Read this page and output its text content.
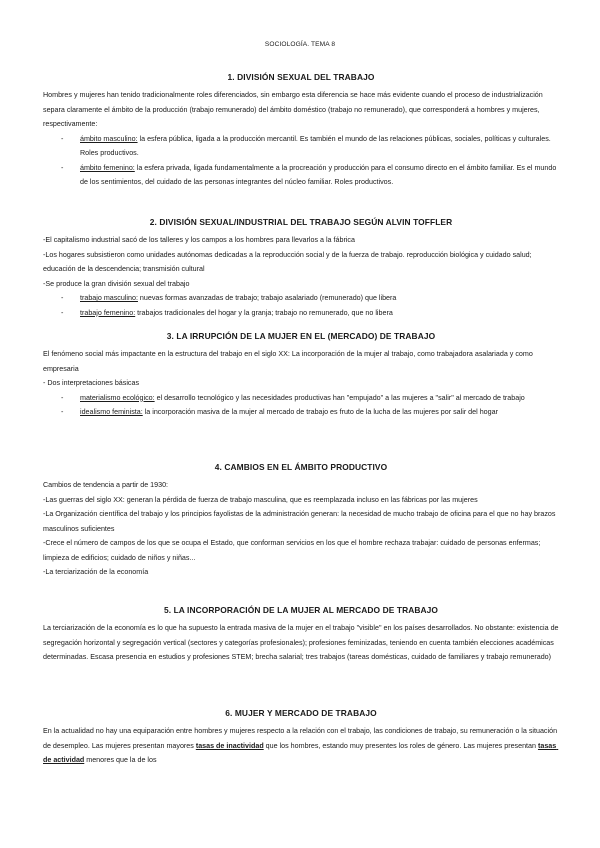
SOCIOLOGÍA. TEMA 8
1. DIVISIÓN SEXUAL DEL TRABAJO

Hombres y mujeres han tenido tradicionalmente roles diferenciados, sin embargo esta diferencia se hace más evidente cuando el proceso de industrialización separa claramente el ámbito de la producción (trabajo remunerado) del ámbito doméstico (trabajo no remunerado), que corresponderá a hombres y mujeres, respectivamente:

- ámbito masculino: la esfera pública, ligada a la producción mercantil. Es también el mundo de las relaciones públicas, sociales, políticas y culturales. Roles productivos.
- ámbito femenino: la esfera privada, ligada fundamentalmente a la procreación y producción para el consumo directo en el ámbito familiar. Es el mundo de los sentimientos, del cuidado de las personas integrantes del núcleo familiar. Roles productivos.
2. DIVISIÓN SEXUAL/INDUSTRIAL DEL TRABAJO SEGÚN ALVIN TOFFLER

-El capitalismo industrial sacó de los talleres y los campos a los hombres para llevarlos a la fábrica

-Los hogares subsistieron como unidades autónomas dedicadas a la reproducción social y de la fuerza de trabajo. reproducción biológica y cuidado salud; educación de la descendencia; transmisión cultural

-Se produce la gran división sexual del trabajo

- trabajo masculino: nuevas formas avanzadas de trabajo; trabajo asalariado (remunerado) que libera
- trabajo femenino: trabajos tradicionales del hogar y la granja; trabajo no remunerado, que no libera
3. LA IRRUPCIÓN DE LA MUJER EN EL (MERCADO) DE TRABAJO

El fenómeno social más impactante en la estructura del trabajo en el siglo XX: La incorporación de la mujer al trabajo, como trabajadora asalariada y como empresaria

- Dos interpretaciones básicas

- materialismo ecológico: el desarrollo tecnológico y las necesidades productivas han "empujado" a las mujeres a "salir" al mercado de trabajo
- idealismo feminista: la incorporación masiva de la mujer al mercado de trabajo es fruto de la lucha de las mujeres por salir del hogar
4. CAMBIOS EN EL ÁMBITO PRODUCTIVO

Cambios de tendencia a partir de 1930:

-Las guerras del siglo XX: generan la pérdida de fuerza de trabajo masculina, que es reemplazada incluso en las fábricas por las mujeres

-La Organización científica del trabajo y los principios fayolistas de la administración generan: la necesidad de mucho trabajo de oficina para el que no hay brazos masculinos suficientes

-Crece el número de campos de los que se ocupa el Estado, que conforman servicios en los que el hombre rechaza trabajar: cuidado de personas enfermas; limpieza de edificios; cuidado de niños y niñas...

-La terciarización de la economía

5. LA INCORPORACIÓN DE LA MUJER AL MERCADO DE TRABAJO

La terciarización de la economía es lo que ha supuesto la entrada masiva de la mujer en el trabajo "visible" en los países desarrollados. No obstante: existencia de segregación horizontal y segregación vertical (sectores y categorías profesionales); profesiones feminizadas, teniendo en cuenta también elecciones académicas determinadas. Escasa presencia en estudios y profesiones STEM; brecha salarial; tres trabajos (tareas domésticas, cuidado de familiares y trabajo remunerado)

6. MUJER Y MERCADO DE TRABAJO

En la actualidad no hay una equiparación entre hombres y mujeres respecto a la relación con el trabajo, las condiciones de trabajo, su remuneración o la situación de desempleo. Las mujeres presentan mayores tasas de inactividad que los hombres, estando muy presentes los roles de género. Las mujeres presentan tasas de actividad menores que la de los
